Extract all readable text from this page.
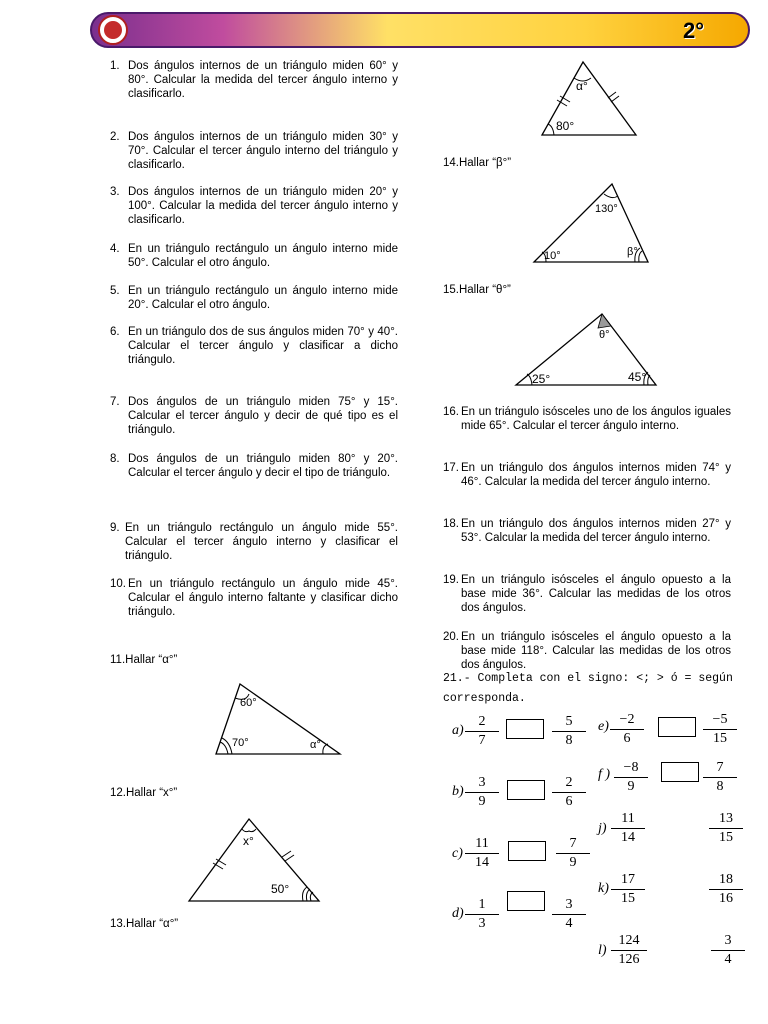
2°
1. Dos ángulos internos de un triángulo miden 60° y 80°. Calcular la medida del tercer ángulo interno y clasificarlo.
2. Dos ángulos internos de un triángulo miden 30° y 70°. Calcular el tercer ángulo interno del triángulo y clasificarlo.
3. Dos ángulos internos de un triángulo miden 20° y 100°. Calcular la medida del tercer ángulo interno y clasificarlo.
4. En un triángulo rectángulo un ángulo interno mide 50°. Calcular el otro ángulo.
5. En un triángulo rectángulo un ángulo interno mide 20°. Calcular el otro ángulo.
6. En un triángulo dos de sus ángulos miden 70° y 40°. Calcular el tercer ángulo y clasificar a dicho triángulo.
7. Dos ángulos de un triángulo miden 75° y 15°. Calcular el tercer ángulo y decir de qué tipo es el triángulo.
8. Dos ángulos de un triángulo miden 80° y 20°. Calcular el tercer ángulo y decir el tipo de triángulo.
9. En un triángulo rectángulo un ángulo mide 55°. Calcular el tercer ángulo interno y clasificar el triángulo.
10. En un triángulo rectángulo un ángulo mide 45°. Calcular el ángulo interno faltante y clasificar dicho triángulo.
11.Hallar “α°”
12.Hallar “x°”
13.Hallar “α°”
60°
70°	α°
x°
50°
α°
80°
14.Hallar “β°”
130°
10°	β°
15.Hallar “θ°”
θ°
25°	45°
16. En un triángulo isósceles uno de los ángulos iguales mide 65°. Calcular el tercer ángulo interno.
17. En un triángulo dos ángulos internos miden 74° y 46°. Calcular la medida del tercer ángulo interno.
18. En un triángulo dos ángulos internos miden 27° y 53°. Calcular la medida del tercer ángulo interno.
19. En un triángulo isósceles el ángulo opuesto a la base mide 36°. Calcular las medidas de los otros dos ángulos.
20. En un triángulo isósceles el ángulo opuesto a la base mide 118°. Calcular las medidas de los otros dos ángulos.
21.- Completa con el signo: <; > ó = según
corresponda.
$a) \frac{2}{7}$	$\frac{5}{8}$
$b) \frac{3}{9}$	$\frac{2}{6}$
$c) \frac{11}{14}$	$\frac{7}{9}$
$d) \frac{1}{3}$	$\frac{3}{4}$
$e) \frac{-2}{6}$	$\frac{-5}{15}$
f ) $\frac{-8}{9}$	$\frac{7}{8}$
$j) \frac{11}{14}$	$\frac{13}{15}$
$k) \frac{17}{15}$	$\frac{18}{16}$
$l) \frac{124}{126}$	$\frac{3}{4}$
